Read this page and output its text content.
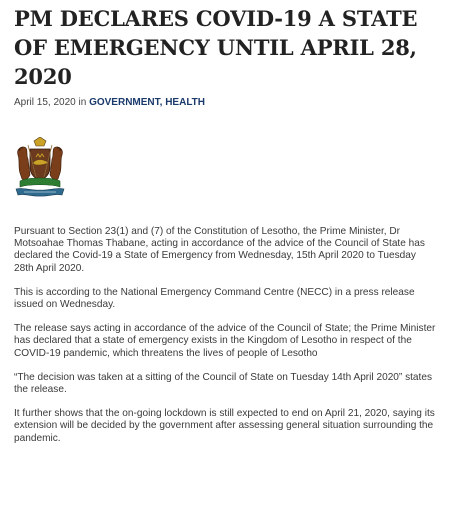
PM DECLARES COVID-19 A STATE OF EMERGENCY UNTIL APRIL 28, 2020
April 15, 2020 in GOVERNMENT, HEALTH

Pursuant to Section 23(1) and (7) of the Constitution of Lesotho, the Prime Minister, Dr Motsoahae Thomas Thabane, acting in accordance of the advice of the Council of State has declared the Covid-19 a State of Emergency from Wednesday, 15th April 2020 to Tuesday 28th April 2020.

This is according to the National Emergency Command Centre (NECC) in a press release issued on Wednesday.

The release says acting in accordance of the advice of the Council of State; the Prime Minister has declared that a state of emergency exists in the Kingdom of Lesotho in respect of the COVID-19 pandemic, which threatens the lives of people of Lesotho

“The decision was taken at a sitting of the Council of State on Tuesday 14th April 2020” states the release.

It further shows that the on-going lockdown is still expected to end on April 21, 2020, saying its extension will be decided by the government after assessing general situation surrounding the pandemic.
